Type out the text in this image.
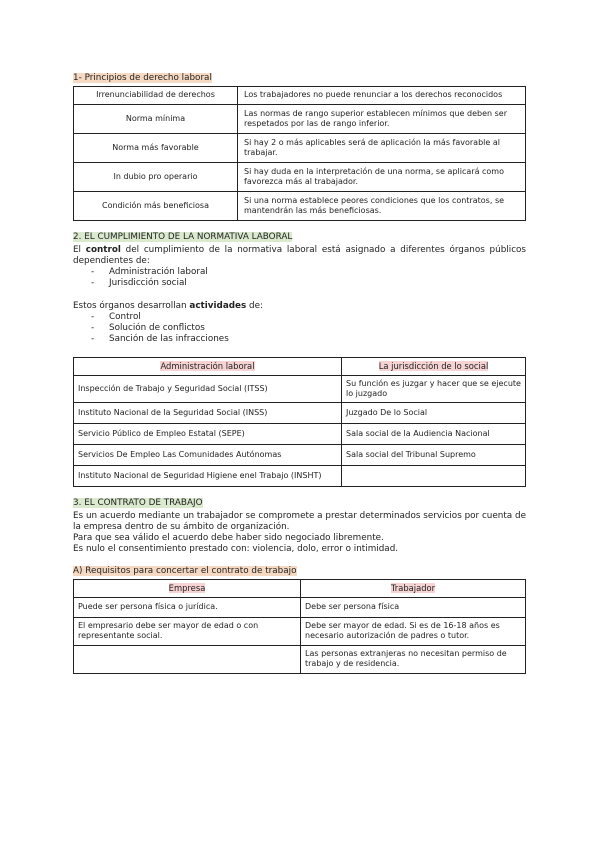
1- Principios de derecho laboral
Irrenunciabilidad de derechos	Los trabajadores no puede renunciar a los derechos reconocidos
Norma mínima	Las normas de rango superior establecen mínimos que deben ser respetados por las de rango inferior.
Norma más favorable	Si hay 2 o más aplicables será de aplicación la más favorable al trabajar.
In dubio pro operario	Si hay duda en la interpretación de una norma, se aplicará como favorezca más al trabajador.
Condición más beneficiosa	Si una norma establece peores condiciones que los contratos, se mantendrán las más beneficiosas.
2. EL CUMPLIMIENTO DE LA NORMATIVA LABORAL

El control del cumplimiento de la normativa laboral está asignado a diferentes órganos públicos dependientes de:

- Administración laboral
- Jurisdicción social

Estos órganos desarrollan actividades de:

- Control
- Solución de conflictos
- Sanción de las infracciones
Administración laboral	La jurisdicción de lo social
Inspección de Trabajo y Seguridad Social (ITSS)	Su función es juzgar y hacer que se ejecute lo juzgado
Instituto Nacional de la Seguridad Social (INSS)	Juzgado De lo Social
Servicio Público de Empleo Estatal (SEPE)	Sala social de la Audiencia Nacional
Servicios De Empleo Las Comunidades Autónomas	Sala social del Tribunal Supremo
Instituto Nacional de Seguridad Higiene enel Trabajo (INSHT)	
3. EL CONTRATO DE TRABAJO

Es un acuerdo mediante un trabajador se compromete a prestar determinados servicios por cuenta de la empresa dentro de su ámbito de organización.

Para que sea válido el acuerdo debe haber sido negociado libremente.

Es nulo el consentimiento prestado con: violencia, dolo, error o intimidad.

A) Requisitos para concertar el contrato de trabajo
Empresa	Trabajador
Puede ser persona física o jurídica.	Debe ser persona física
El empresario debe ser mayor de edad o con representante social.	Debe ser mayor de edad. Si es de 16-18 años es necesario autorización de padres o tutor.
	Las personas extranjeras no necesitan permiso de trabajo y de residencia.
